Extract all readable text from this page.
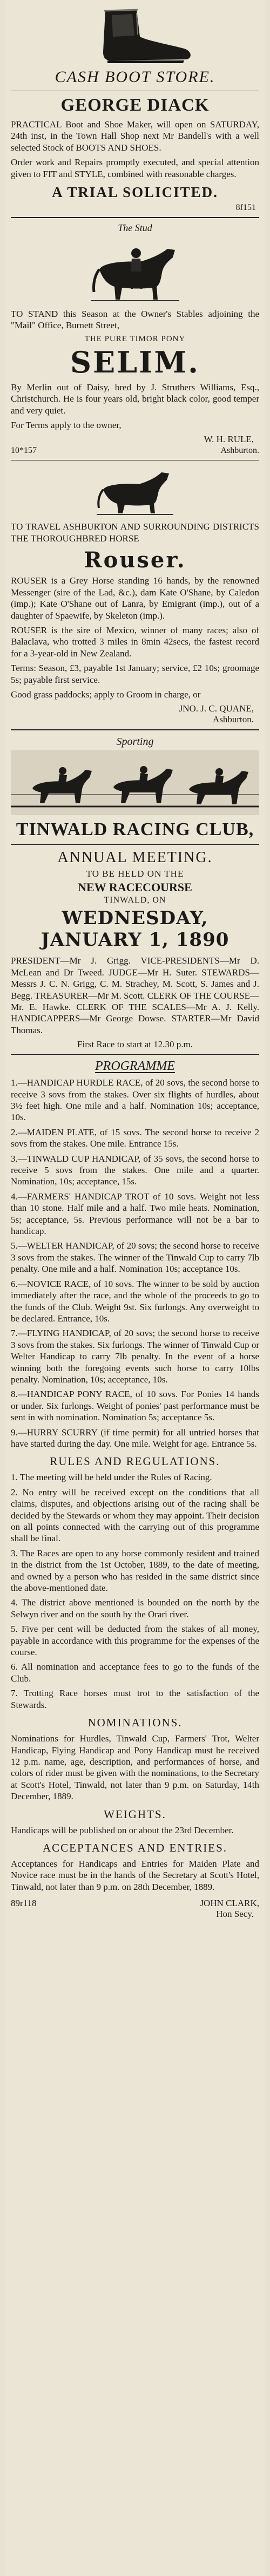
CASH BOOT STORE.
GEORGE DIACK

PRACTICAL Boot and Shoe Maker, will open on SATURDAY, 24th inst, in the Town Hall Shop next Mr Bandell's with a well selected Stock of BOOTS AND SHOES.

Order work and Repairs promptly executed, and special attention given to FIT and STYLE, combined with reasonable charges.

A TRIAL SOLICITED.
8f151
The Stud

TO STAND this Season at the Owner's Stables adjoining the "Mail" Office, Burnett Street,

THE PURE TIMOR PONY
SELIM.

By Merlin out of Daisy, bred by J. Struthers Williams, Esq., Christchurch. He is four years old, bright black color, good temper and very quiet.

For Terms apply to the owner,

W. H. RULE,
10*157	Ashburton.

TO TRAVEL ASHBURTON AND SURROUNDING DISTRICTS THE THOROUGHBRED HORSE

Rouser.

ROUSER is a Grey Horse standing 16 hands, by the renowned Messenger (sire of the Lad, &c.), dam Kate O'Shane, by Caledon (imp.); Kate O'Shane out of Lanra, by Emigrant (imp.), out of a daughter of Spaewife, by Skeleton (imp.).

ROUSER is the sire of Mexico, winner of many races; also of Balaclava, who trotted 3 miles in 8min 42secs, the fastest record for a 3-year-old in New Zealand.

Terms: Season, £3, payable 1st January; service, £2 10s; groomage 5s; payable first service.

Good grass paddocks; apply to Groom in charge, or

JNO. J. C. QUANE,
Ashburton.
Sporting
TINWALD RACING CLUB,
ANNUAL MEETING.
TO BE HELD ON THE
NEW RACECOURSE
TINWALD, ON
WEDNESDAY, JANUARY 1, 1890

PRESIDENT—Mr J. Grigg. VICE-PRESIDENTS—Mr D. McLean and Dr Tweed. JUDGE—Mr H. Suter. STEWARDS—Messrs J. C. N. Grigg, C. M. Strachey, M. Scott, S. James and J. Begg. TREASURER—Mr M. Scott. CLERK OF THE COURSE—Mr. E. Hawke. CLERK OF THE SCALES—Mr A. J. Kelly. HANDICAPPERS—Mr George Dowse. STARTER—Mr David Thomas.

First Race to start at 12.30 p.m.
PROGRAMME

1.—HANDICAP HURDLE RACE, of 20 sovs, the second horse to receive 3 sovs from the stakes. Over six flights of hurdles, about 3½ feet high. One mile and a half. Nomination 10s; acceptance, 10s.

2.—MAIDEN PLATE, of 15 sovs. The second horse to receive 2 sovs from the stakes. One mile. Entrance 15s.

3.—TINWALD CUP HANDICAP, of 35 sovs, the second horse to receive 5 sovs from the stakes. One mile and a quarter. Nomination, 10s; acceptance, 15s.

4.—FARMERS' HANDICAP TROT of 10 sovs. Weight not less than 10 stone. Half mile and a half. Two mile heats. Nomination, 5s; acceptance, 5s. Previous performance will not be a bar to handicap.

5.—WELTER HANDICAP, of 20 sovs; the second horse to receive 3 sovs from the stakes. The winner of the Tinwald Cup to carry 7lb penalty. One mile and a half. Nomination 10s; acceptance 10s.

6.—NOVICE RACE, of 10 sovs. The winner to be sold by auction immediately after the race, and the whole of the proceeds to go to the funds of the Club. Weight 9st. Six furlongs. Any overweight to be declared. Entrance, 10s.

7.—FLYING HANDICAP, of 20 sovs; the second horse to receive 3 sovs from the stakes. Six furlongs. The winner of Tinwald Cup or Welter Handicap to carry 7lb penalty. In the event of a horse winning both the foregoing events such horse to carry 10lbs penalty. Nomination, 10s; acceptance, 10s.

8.—HANDICAP PONY RACE, of 10 sovs. For Ponies 14 hands or under. Six furlongs. Weight of ponies' past performance must be sent in with nomination. Nomination 5s; acceptance 5s.

9.—HURRY SCURRY (if time permit) for all untried horses that have started during the day. One mile. Weight for age. Entrance 5s.

RULES AND REGULATIONS.

1. The meeting will be held under the Rules of Racing.

2. No entry will be received except on the conditions that all claims, disputes, and objections arising out of the racing shall be decided by the Stewards or whom they may appoint. Their decision on all points connected with the carrying out of this programme shall be final.

3. The Races are open to any horse commonly resident and trained in the district from the 1st October, 1889, to the date of meeting, and owned by a person who has resided in the same district since the above-mentioned date.

4. The district above mentioned is bounded on the north by the Selwyn river and on the south by the Orari river.

5. Five per cent will be deducted from the stakes of all money, payable in accordance with this programme for the expenses of the course.

6. All nomination and acceptance fees to go to the funds of the Club.

7. Trotting Race horses must trot to the satisfaction of the Stewards.

NOMINATIONS.

Nominations for Hurdles, Tinwald Cup, Farmers' Trot, Welter Handicap, Flying Handicap and Pony Handicap must be received 12 p.m. name, age, description, and performances of horse, and colors of rider must be given with the nominations, to the Secretary at Scott's Hotel, Tinwald, not later than 9 p.m. on Saturday, 14th December, 1889.

WEIGHTS.

Handicaps will be published on or about the 23rd December.

ACCEPTANCES AND ENTRIES.

Acceptances for Handicaps and Entries for Maiden Plate and Novice race must be in the hands of the Secretary at Scott's Hotel, Tinwald, not later than 9 p.m. on 28th December, 1889.

89r118	JOHN CLARK,
Hon Secy.
